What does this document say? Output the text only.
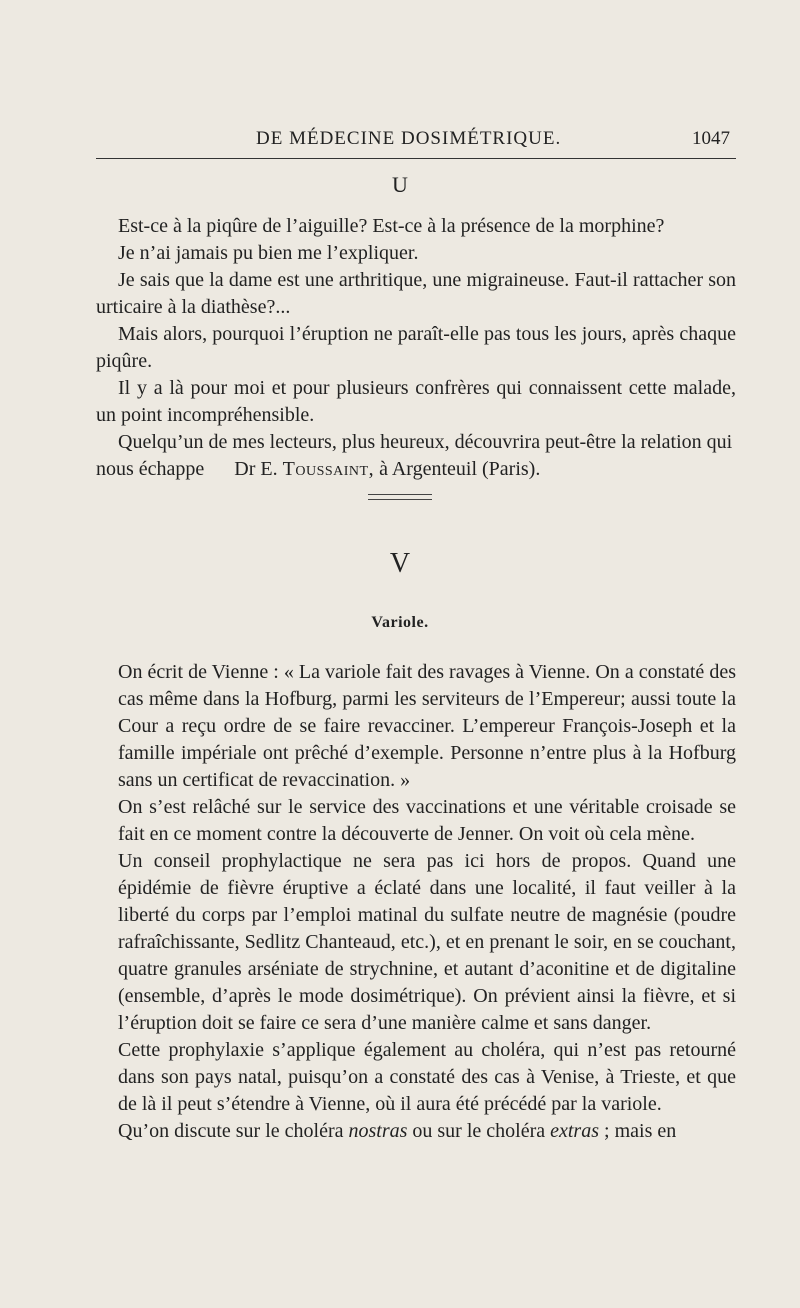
DE MÉDECINE DOSIMÉTRIQUE.	1047
U

Est-ce à la piqûre de l’aiguille? Est-ce à la présence de la morphine?

Je n’ai jamais pu bien me l’expliquer.

Je sais que la dame est une arthritique, une migraineuse. Faut-il rattacher son urticaire à la diathèse?...

Mais alors, pourquoi l’éruption ne paraît-elle pas tous les jours, après chaque piqûre.

Il y a là pour moi et pour plusieurs confrères qui connaissent cette malade, un point incompréhensible.

Quelqu’un de mes lecteurs, plus heureux, découvrira peut-être la relation qui nous échappe Dr E. Toussaint, à Argenteuil (Paris).

V
Variole.

On écrit de Vienne : « La variole fait des ravages à Vienne. On a constaté des cas même dans la Hofburg, parmi les serviteurs de l’Empereur; aussi toute la Cour a reçu ordre de se faire revacciner. L’empereur François-Joseph et la famille impériale ont prêché d’exemple. Personne n’entre plus à la Hofburg sans un certificat de revaccination. »

On s’est relâché sur le service des vaccinations et une véritable croisade se fait en ce moment contre la découverte de Jenner. On voit où cela mène.

Un conseil prophylactique ne sera pas ici hors de propos. Quand une épidémie de fièvre éruptive a éclaté dans une localité, il faut veiller à la liberté du corps par l’emploi matinal du sulfate neutre de magnésie (poudre rafraîchissante, Sedlitz Chanteaud, etc.), et en prenant le soir, en se couchant, quatre granules arséniate de strychnine, et autant d’aconitine et de digitaline (ensemble, d’après le mode dosimétrique). On prévient ainsi la fièvre, et si l’éruption doit se faire ce sera d’une manière calme et sans danger.

Cette prophylaxie s’applique également au choléra, qui n’est pas retourné dans son pays natal, puisqu’on a constaté des cas à Venise, à Trieste, et que de là il peut s’étendre à Vienne, où il aura été précédé par la variole.

Qu’on discute sur le choléra nostras ou sur le choléra extras ; mais en
